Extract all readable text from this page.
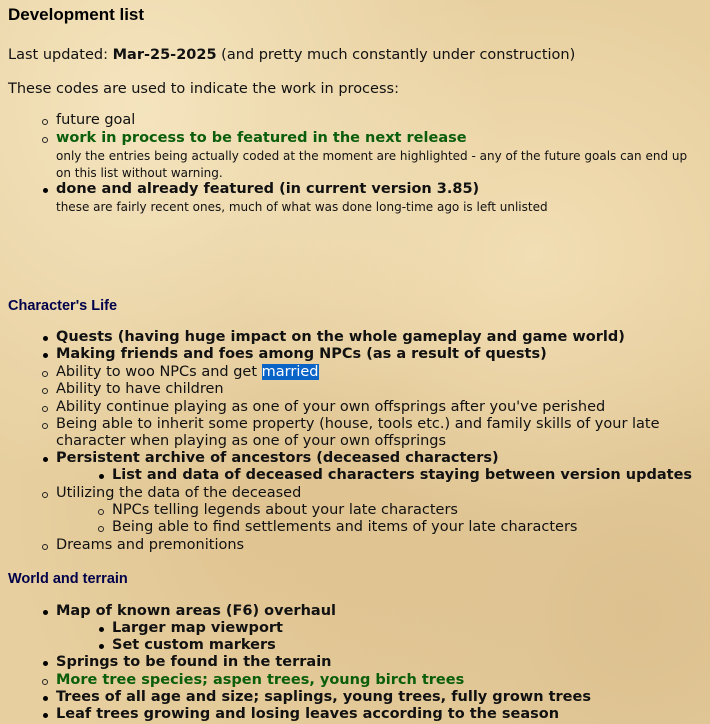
Development list
Last updated: Mar-25-2025 (and pretty much constantly under construction)
These codes are used to indicate the work in process:
future goal
work in process to be featured in the next release
only the entries being actually coded at the moment are highlighted - any of the future goals can end up on this list without warning.
done and already featured (in current version 3.85)
these are fairly recent ones, much of what was done long-time ago is left unlisted
Character's Life
Quests (having huge impact on the whole gameplay and game world)
Making friends and foes among NPCs (as a result of quests)
Ability to woo NPCs and get married
Ability to have children
Ability continue playing as one of your own offsprings after you've perished
Being able to inherit some property (house, tools etc.) and family skills of your late
character when playing as one of your own offsprings
Persistent archive of ancestors (deceased characters)
List and data of deceased characters staying between version updates
Utilizing the data of the deceased
NPCs telling legends about your late characters
Being able to find settlements and items of your late characters
Dreams and premonitions
World and terrain
Map of known areas (F6) overhaul
Larger map viewport
Set custom markers
Springs to be found in the terrain
More tree species; aspen trees, young birch trees
Trees of all age and size; saplings, young trees, fully grown trees
Leaf trees growing and losing leaves according to the season
